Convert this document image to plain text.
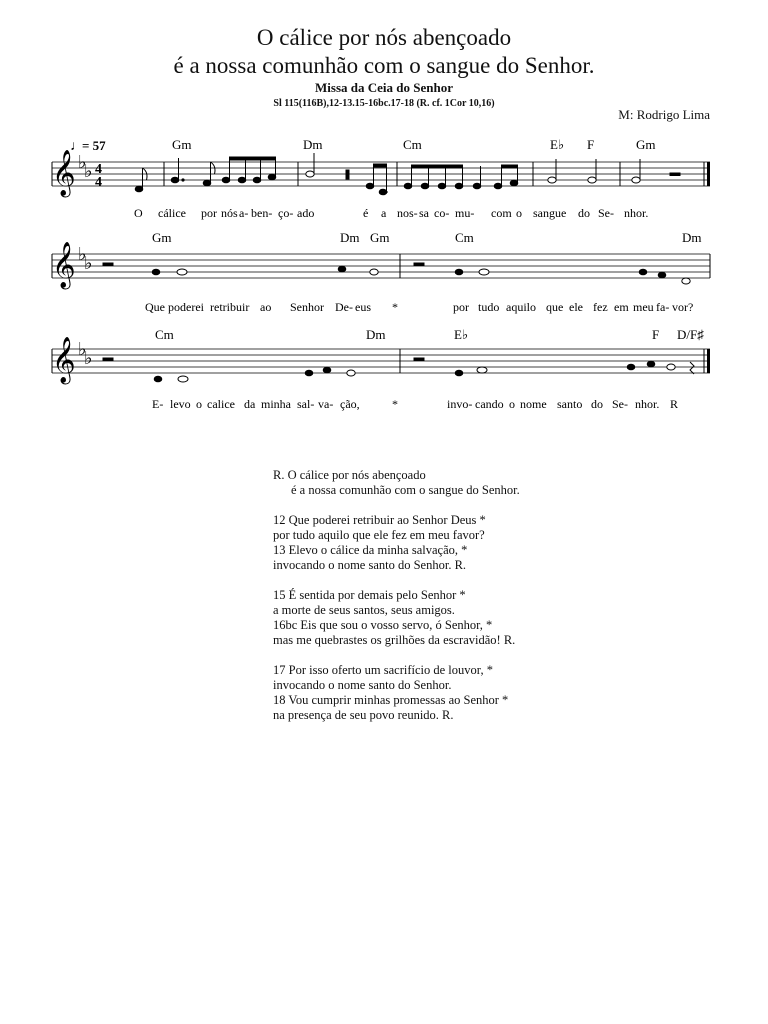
O cálice por nós abençoado
é a nossa comunhão com o sangue do Senhor.
Missa da Ceia do Senhor
Sl 115(116B),12-13.15-16bc.17-18 (R. cf. 1Cor 10,16)
M: Rodrigo Lima
𝄞 ♭
♭ 4
4
♩
= 57	Gm	Dm	Cm	E♭ F	Gm
O cálice por nós a- ben- ço- ado	é a nos- sa co- mu- com o sangue do Se- nhor.
𝄞 ♭
♭
Gm	Dm Gm	Cm	Dm
Que poderei retribuir ao Senhor De- eus *	por tudo aquilo que ele fez em meu fa- vor?
𝄞 ♭
♭
Cm	Dm	E♭	F D/F♯
E- levo o calice da minha sal- va- ção,	*	invo- cando o nome santo do Se- nhor. R
R. O cálice por nós abençoado
é a nossa comunhão com o sangue do Senhor.
12 Que poderei retribuir ao Senhor Deus *
por tudo aquilo que ele fez em meu favor?
13 Elevo o cálice da minha salvação, *
invocando o nome santo do Senhor. R.
15 É sentida por demais pelo Senhor *
a morte de seus santos, seus amigos.
16bc Eis que sou o vosso servo, ó Senhor, *
mas me quebrastes os grilhões da escravidão! R.
17 Por isso oferto um sacrifício de louvor, *
invocando o nome santo do Senhor.
18 Vou cumprir minhas promessas ao Senhor *
na presença de seu povo reunido. R.
